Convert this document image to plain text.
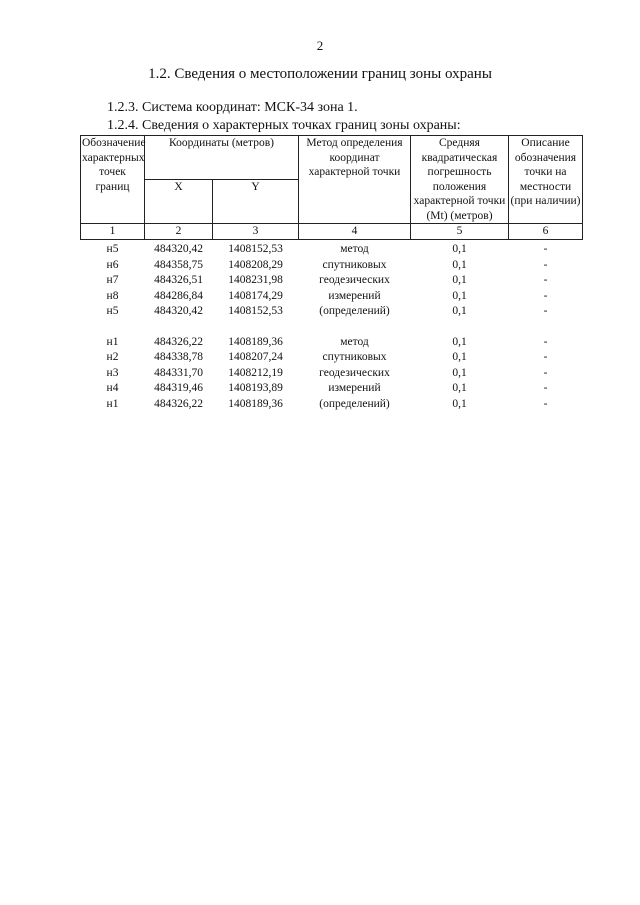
2
1.2. Сведения о местоположении границ зоны охраны
1.2.3. Система координат: МСК-34 зона 1.
1.2.4. Сведения о характерных точках границ зоны охраны:
Обозначение характерных точек границ	Координаты (метров)		Метод определения координат характерной точки	Средняя квадратическая погрешность положения характерной точки (Mt) (метров)	Описание обозначения точки на местности (при наличии)
	X	Y			
1	2	3	4	5	6
н5	484320,42	1408152,53	метод	0,1	-
н6	484358,75	1408208,29	спутниковых	0,1	-
н7	484326,51	1408231,98	геодезических	0,1	-
н8	484286,84	1408174,29	измерений	0,1	-
н5	484320,42	1408152,53	(определений)	0,1	-

н1	484326,22	1408189,36	метод	0,1	-
н2	484338,78	1408207,24	спутниковых	0,1	-
н3	484331,70	1408212,19	геодезических	0,1	-
н4	484319,46	1408193,89	измерений	0,1	-
н1	484326,22	1408189,36	(определений)	0,1	-
